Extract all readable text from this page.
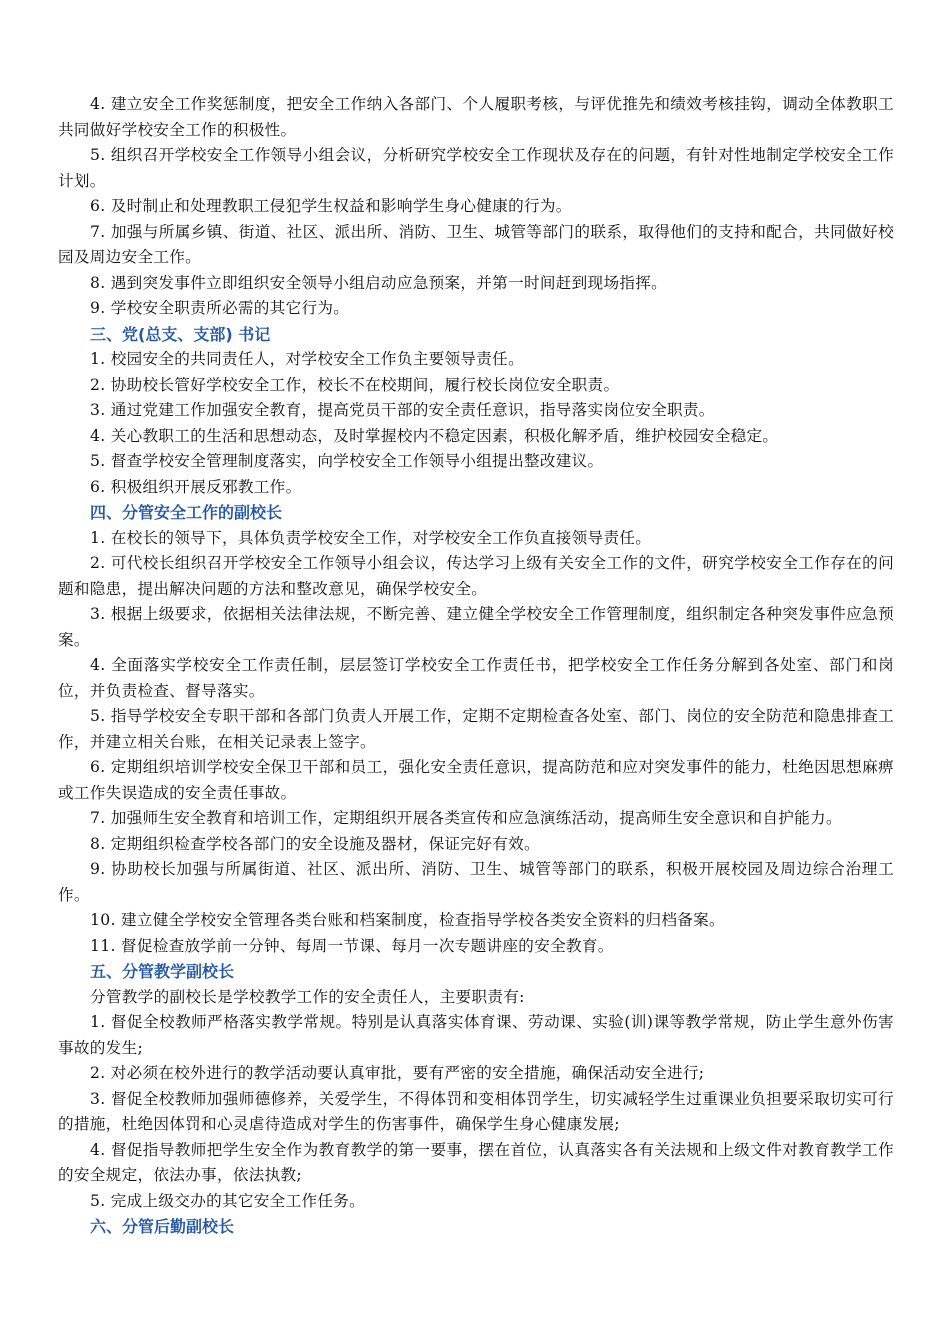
4. 建立安全工作奖惩制度，把安全工作纳入各部门、个人履职考核，与评优推先和绩效考核挂钩，调动全体教职工共同做好学校安全工作的积极性。

5. 组织召开学校安全工作领导小组会议，分析研究学校安全工作现状及存在的问题，有针对性地制定学校安全工作计划。

6. 及时制止和处理教职工侵犯学生权益和影响学生身心健康的行为。

7. 加强与所属乡镇、街道、社区、派出所、消防、卫生、城管等部门的联系，取得他们的支持和配合，共同做好校园及周边安全工作。

8. 遇到突发事件立即组织安全领导小组启动应急预案，并第一时间赶到现场指挥。

9. 学校安全职责所必需的其它行为。

三、党(总支、支部) 书记

1. 校园安全的共同责任人，对学校安全工作负主要领导责任。

2. 协助校长管好学校安全工作，校长不在校期间，履行校长岗位安全职责。

3. 通过党建工作加强安全教育，提高党员干部的安全责任意识，指导落实岗位安全职责。

4. 关心教职工的生活和思想动态，及时掌握校内不稳定因素，积极化解矛盾，维护校园安全稳定。

5. 督查学校安全管理制度落实，向学校安全工作领导小组提出整改建议。

6. 积极组织开展反邪教工作。

四、分管安全工作的副校长

1. 在校长的领导下，具体负责学校安全工作，对学校安全工作负直接领导责任。

2. 可代校长组织召开学校安全工作领导小组会议，传达学习上级有关安全工作的文件，研究学校安全工作存在的问题和隐患，提出解决问题的方法和整改意见，确保学校安全。

3. 根据上级要求，依据相关法律法规，不断完善、建立健全学校安全工作管理制度，组织制定各种突发事件应急预案。

4. 全面落实学校安全工作责任制，层层签订学校安全工作责任书，把学校安全工作任务分解到各处室、部门和岗位，并负责检查、督导落实。

5. 指导学校安全专职干部和各部门负责人开展工作，定期不定期检查各处室、部门、岗位的安全防范和隐患排查工作，并建立相关台账，在相关记录表上签字。

6. 定期组织培训学校安全保卫干部和员工，强化安全责任意识，提高防范和应对突发事件的能力，杜绝因思想麻痹或工作失误造成的安全责任事故。

7. 加强师生安全教育和培训工作，定期组织开展各类宣传和应急演练活动，提高师生安全意识和自护能力。

8. 定期组织检查学校各部门的安全设施及器材，保证完好有效。

9. 协助校长加强与所属街道、社区、派出所、消防、卫生、城管等部门的联系，积极开展校园及周边综合治理工作。

10. 建立健全学校安全管理各类台账和档案制度，检查指导学校各类安全资料的归档备案。

11. 督促检查放学前一分钟、每周一节课、每月一次专题讲座的安全教育。

五、分管教学副校长

分管教学的副校长是学校教学工作的安全责任人，主要职责有:

1. 督促全校教师严格落实教学常规。特别是认真落实体育课、劳动课、实验(训)课等教学常规，防止学生意外伤害事故的发生;

2. 对必须在校外进行的教学活动要认真审批，要有严密的安全措施，确保活动安全进行;

3. 督促全校教师加强师德修养，关爱学生，不得体罚和变相体罚学生，切实减轻学生过重课业负担要采取切实可行的措施，杜绝因体罚和心灵虐待造成对学生的伤害事件，确保学生身心健康发展;

4. 督促指导教师把学生安全作为教育教学的第一要事，摆在首位，认真落实各有关法规和上级文件对教育教学工作的安全规定，依法办事，依法执教;

5. 完成上级交办的其它安全工作任务。

六、分管后勤副校长
